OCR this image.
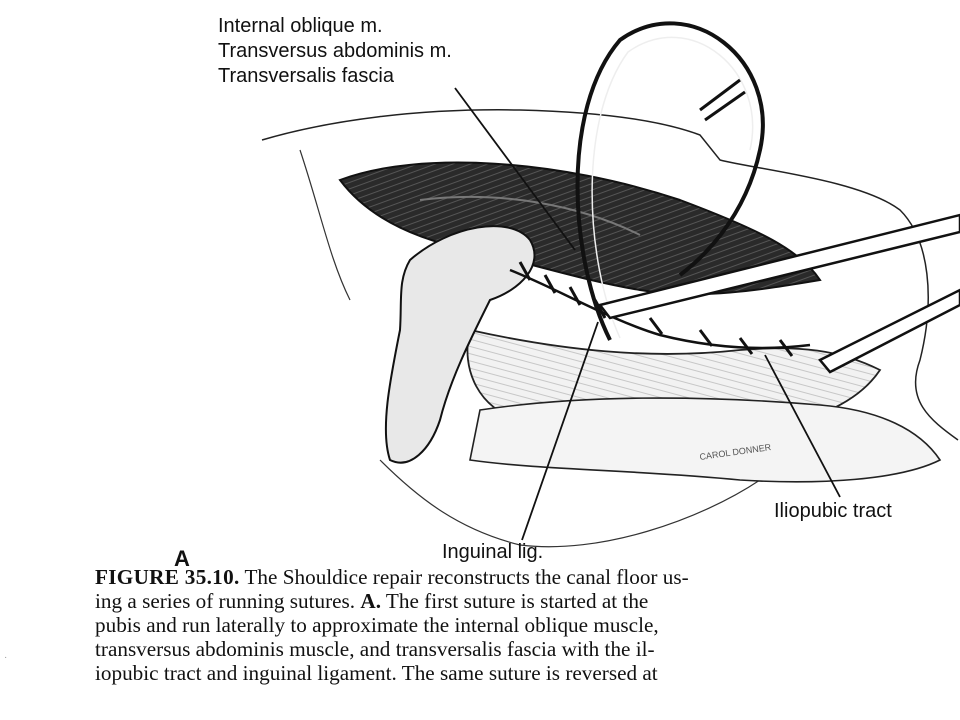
CAROL DONNER
Internal oblique m.
Transversus abdominis m.
Transversalis fascia

A	Inguinal lig.

Iliopubic tract

FIGURE 35.10. The Shouldice repair reconstructs the canal floor us-
ing a series of running sutures. A. The first suture is started at the
pubis and run laterally to approximate the internal oblique muscle,
transversus abdominis muscle, and transversalis fascia with the il-
iopubic tract and inguinal ligament. The same suture is reversed at
·
